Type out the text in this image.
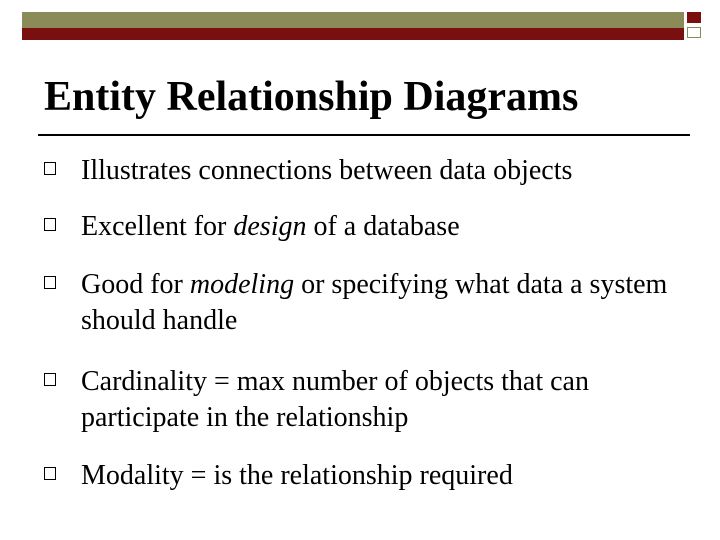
Entity Relationship Diagrams
Illustrates connections between data objects
Excellent for design of a database
Good for modeling or specifying what data a system should handle
Cardinality = max number of objects that can participate in the relationship
Modality = is the relationship required
